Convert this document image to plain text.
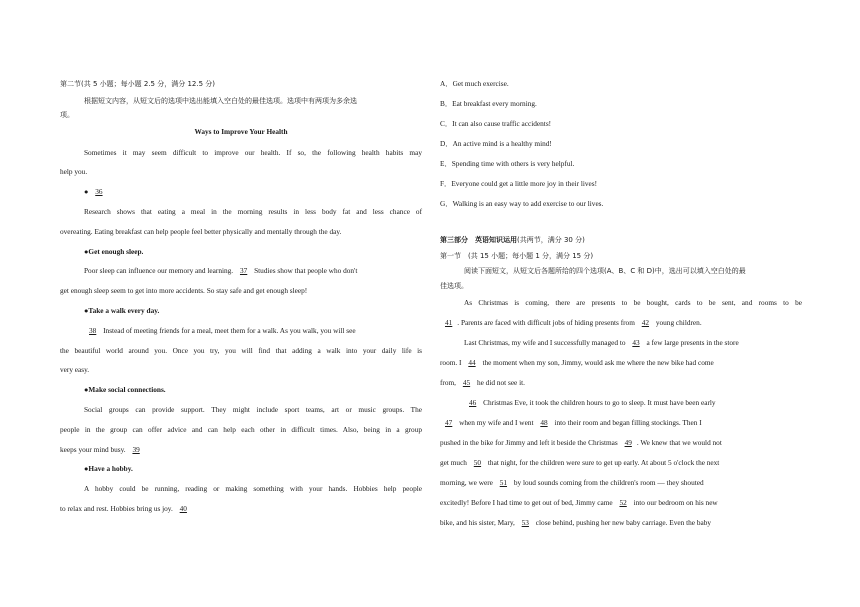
第二节(共 5 小题；每小题 2.5 分，满分 12.5 分)
根据短文内容，从短文后的选项中选出能填入空白处的最佳选项。选项中有两项为多余选
项。
Ways to Improve Your Health
Sometimes it may seem difficult to improve our health. If so, the following health habits may
help you.
● 36
Research shows that eating a meal in the morning results in less body fat and less chance of
overeating. Eating breakfast can help people feel better physically and mentally through the day.
●Get enough sleep.
Poor sleep can influence our memory and learning. 37 Studies show that people who don't
get enough sleep seem to get into more accidents. So stay safe and get enough sleep!
●Take a walk every day.
38 Instead of meeting friends for a meal, meet them for a walk. As you walk, you will see
the beautiful world around you. Once you try, you will find that adding a walk into your daily life is
very easy.
●Make social connections.
Social groups can provide support. They might include sport teams, art or music groups. The
people in the group can offer advice and can help each other in difficult times. Also, being in a group
keeps your mind busy. 39
●Have a hobby.
A hobby could be running, reading or making something with your hands. Hobbies help people
to relax and rest. Hobbies bring us joy. 40
A．Get much exercise.
B．Eat breakfast every morning.
C．It can also cause traffic accidents!
D．An active mind is a healthy mind!
E．Spending time with others is very helpful.
F．Everyone could get a little more joy in their lives!
G．Walking is an easy way to add exercise to our lives.
第三部分　英语知识运用(共两节，满分 30 分)
第一节　(共 15 小题；每小题 1 分，满分 15 分)
阅读下面短文，从短文后各题所给的四个选项(A、B、C 和 D)中，选出可以填入空白处的最
佳选项。
As Christmas is coming, there are presents to be bought, cards to be sent, and rooms to be
41 . Parents are faced with difficult jobs of hiding presents from 42 young children.
Last Christmas, my wife and I successfully managed to 43 a few large presents in the store
room. I 44 the moment when my son, Jimmy, would ask me where the new bike had come
from, 45 he did not see it.
46 Christmas Eve, it took the children hours to go to sleep. It must have been early
47 when my wife and I went 48 into their room and began filling stockings. Then I
pushed in the bike for Jimmy and left it beside the Christmas 49 . We knew that we would not
get much 50 that night, for the children were sure to get up early. At about 5 o'clock the next
morning, we were 51 by loud sounds coming from the children's room — they shouted
excitedly! Before I had time to get out of bed, Jimmy came 52 into our bedroom on his new
bike, and his sister, Mary, 53 close behind, pushing her new baby carriage. Even the baby
